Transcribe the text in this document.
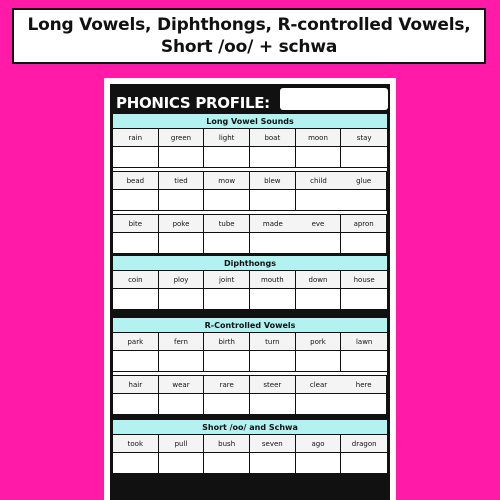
Long Vowels, Diphthongs, R-controlled Vowels,
Short /oo/ + schwa
PHONICS PROFILE:
Long Vowel Sounds
rain	green	light	boat	moon	stay
bead	tied	mow	blew	child	glue
bite	poke	tube	made	eve	apron
Diphthongs
coin	ploy	joint	mouth	down	house
R-Controlled Vowels
park	fern	birth	turn	pork	lawn
hair	wear	rare	steer	clear	here
Short /oo/ and Schwa
took	pull	bush	seven	ago	dragon
